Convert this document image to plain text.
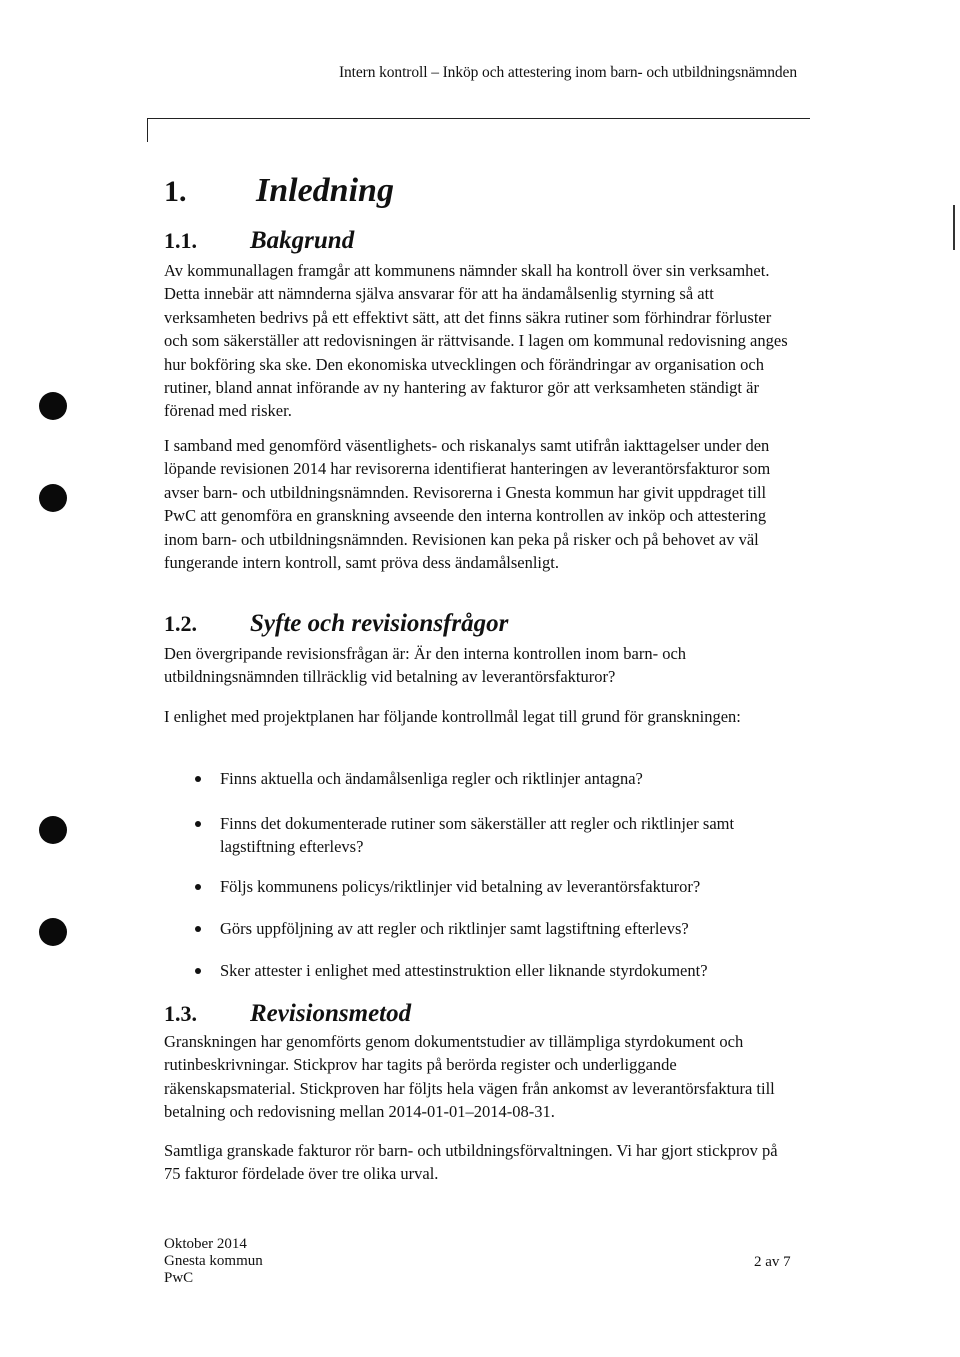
Intern kontroll – Inköp och attestering inom barn- och utbildningsnämnden
1. Inledning
1.1. Bakgrund

Av kommunallagen framgår att kommunens nämnder skall ha kontroll över sin verksamhet. Detta innebär att nämnderna själva ansvarar för att ha ändamålsenlig styrning så att verksamheten bedrivs på ett effektivt sätt, att det finns säkra rutiner som förhindrar förluster och som säkerställer att redovisningen är rättvisande. I lagen om kommunal redovisning anges hur bokföring ska ske. Den ekonomiska utvecklingen och förändringar av organisation och rutiner, bland annat införande av ny hantering av fakturor gör att verksamheten ständigt är förenad med risker.

I samband med genomförd väsentlighets- och riskanalys samt utifrån iakttagelser under den löpande revisionen 2014 har revisorerna identifierat hanteringen av leverantörsfakturor som avser barn- och utbildningsnämnden. Revisorerna i Gnesta kommun har givit uppdraget till PwC att genomföra en granskning avseende den interna kontrollen av inköp och attestering inom barn- och utbildningsnämnden. Revisionen kan peka på risker och på behovet av väl fungerande intern kontroll, samt pröva dess ändamålsenligt.

1.2. Syfte och revisionsfrågor

Den övergripande revisionsfrågan är: Är den interna kontrollen inom barn- och utbildningsnämnden tillräcklig vid betalning av leverantörsfakturor?

I enlighet med projektplanen har följande kontrollmål legat till grund för granskningen:

Finns aktuella och ändamålsenliga regler och riktlinjer antagna?
Finns det dokumenterade rutiner som säkerställer att regler och riktlinjer samt lagstiftning efterlevs?
Följs kommunens policys/riktlinjer vid betalning av leverantörsfakturor?
Görs uppföljning av att regler och riktlinjer samt lagstiftning efterlevs?
Sker attester i enlighet med attestinstruktion eller liknande styrdokument?
1.3. Revisionsmetod

Granskningen har genomförts genom dokumentstudier av tillämpliga styrdokument och rutinbeskrivningar. Stickprov har tagits på berörda register och underliggande räkenskapsmaterial. Stickproven har följts hela vägen från ankomst av leverantörsfaktura till betalning och redovisning mellan 2014-01-01–2014-08-31.

Samtliga granskade fakturor rör barn- och utbildningsförvaltningen. Vi har gjort stickprov på 75 fakturor fördelade över tre olika urval.

Oktober 2014
Gnesta kommun
PwC
2 av 7
